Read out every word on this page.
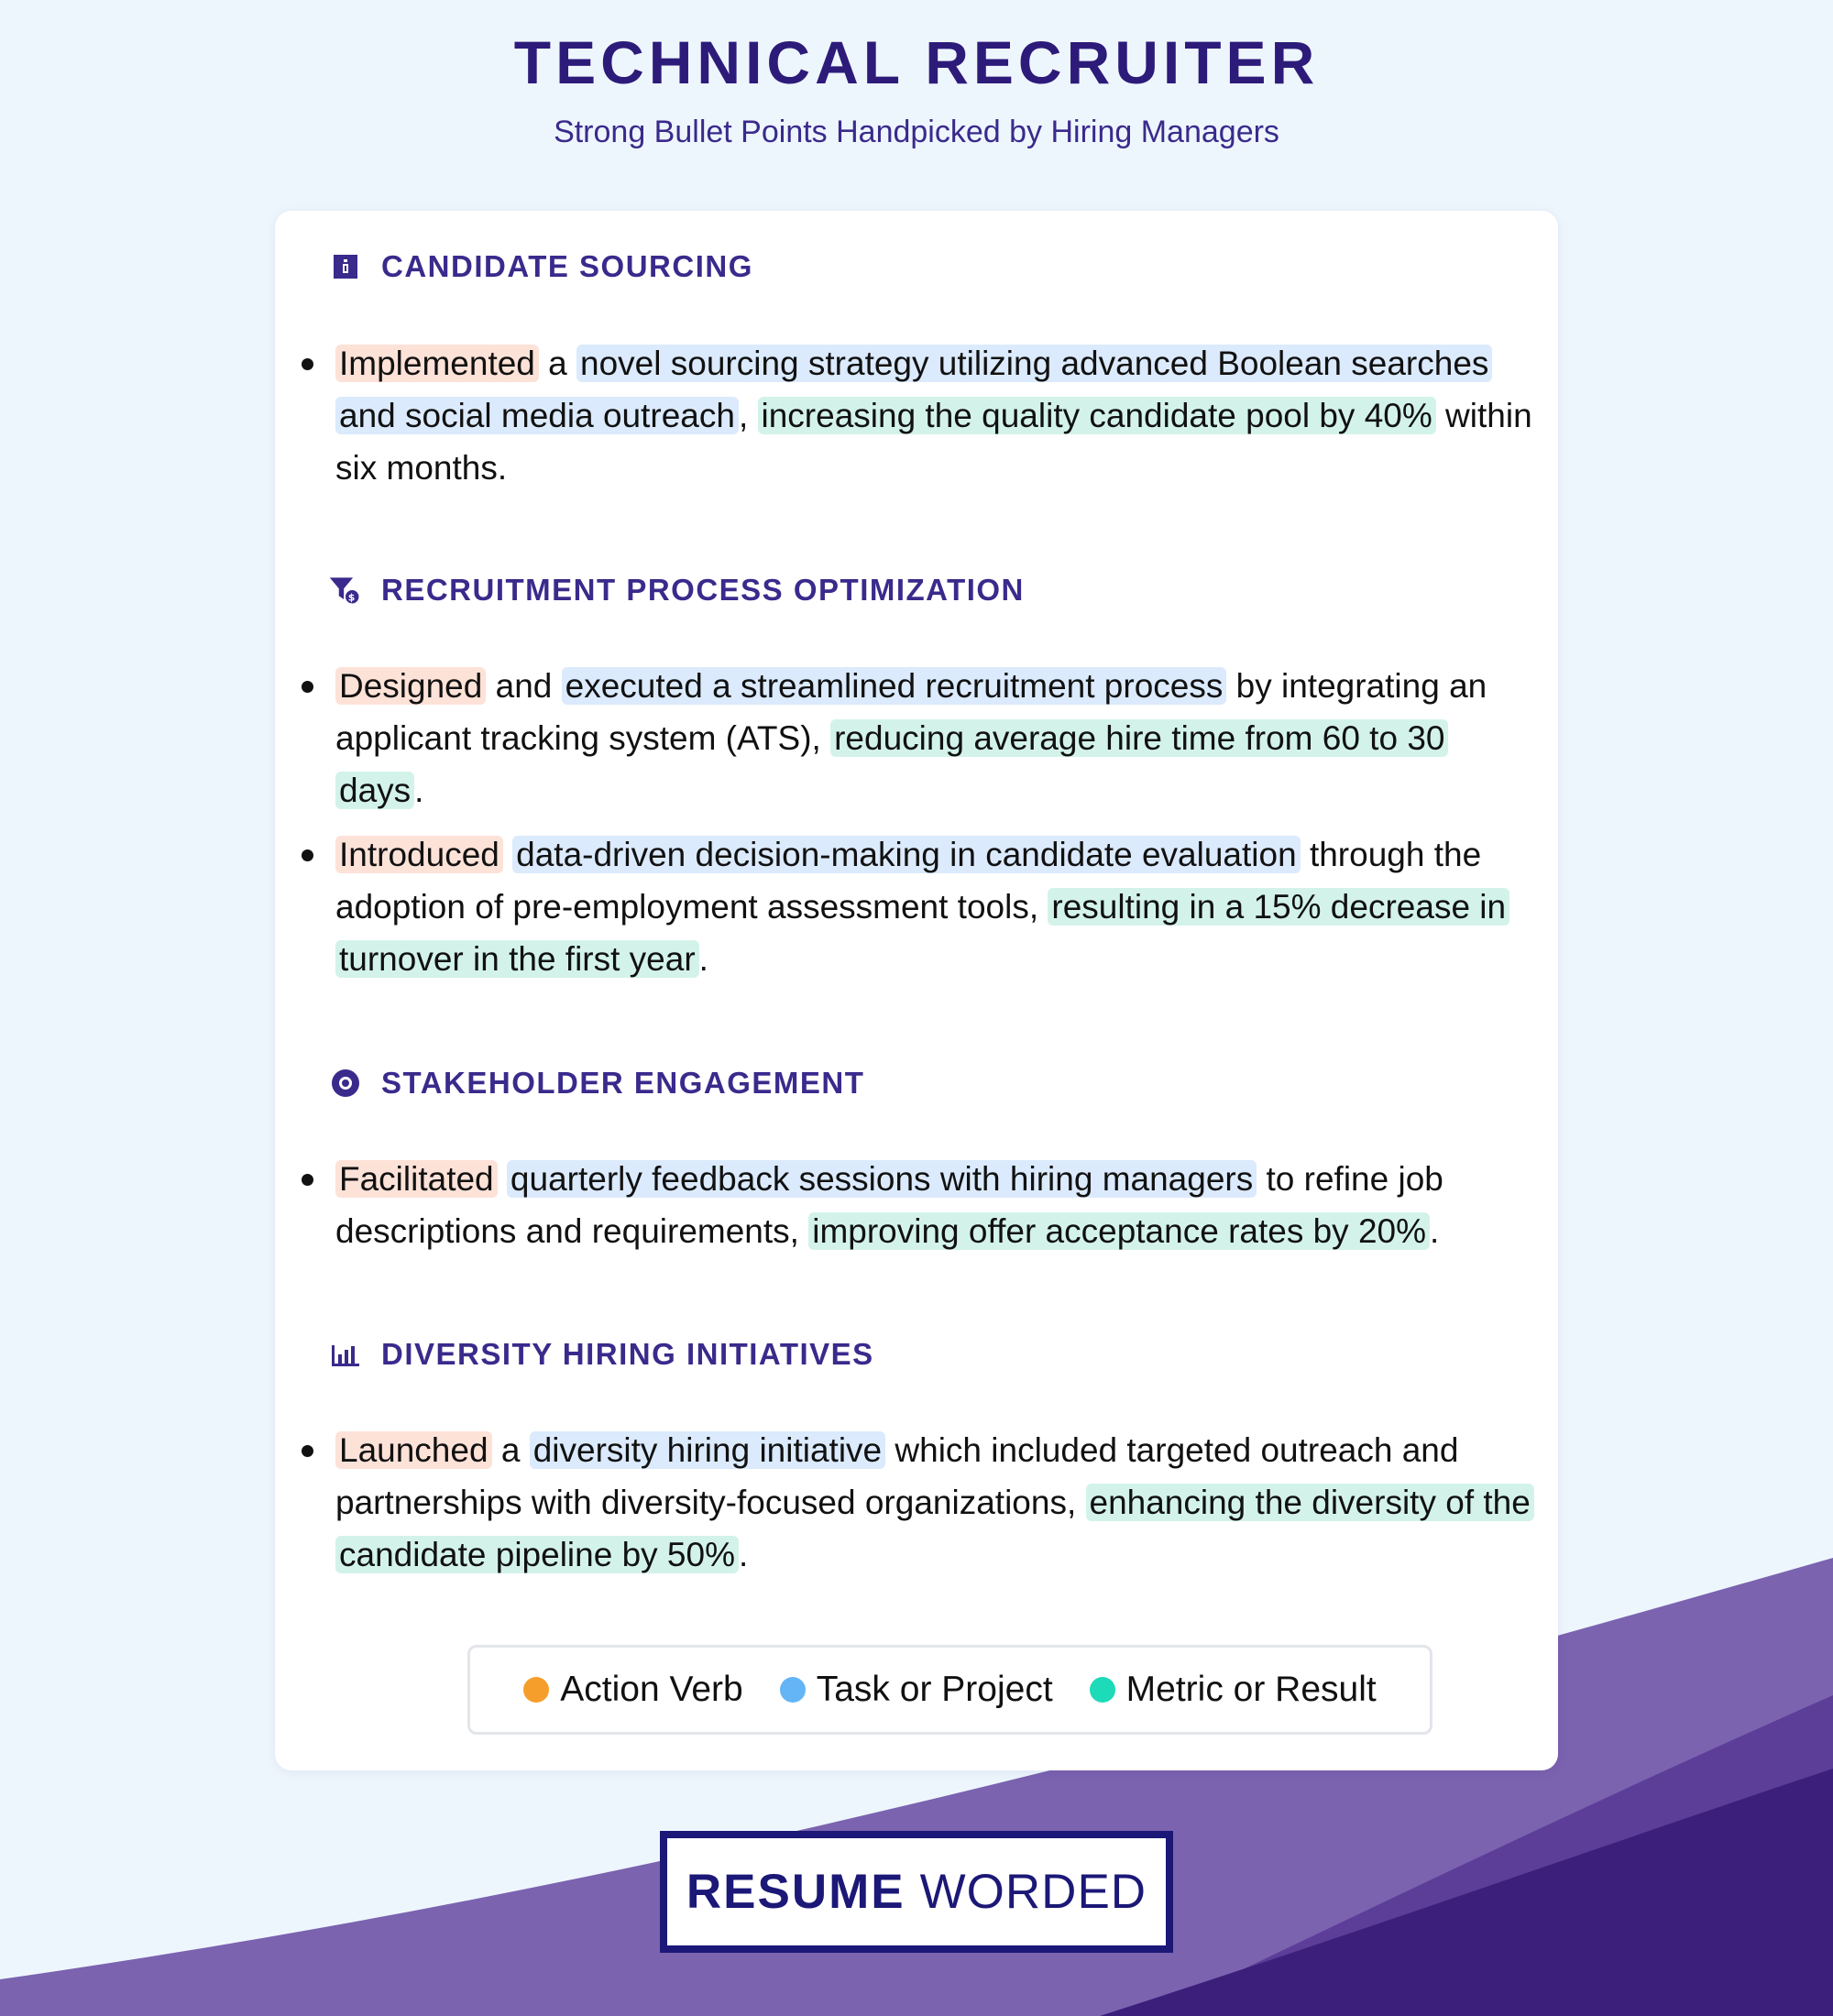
TECHNICAL RECRUITER
Strong Bullet Points Handpicked by Hiring Managers
CANDIDATE SOURCING
Implemented a novel sourcing strategy utilizing advanced Boolean searches and social media outreach , increasing the quality candidate pool by 40% within six months.
$ RECRUITMENT PROCESS OPTIMIZATION
Designed and executed a streamlined recruitment process by integrating an applicant tracking system (ATS), reducing average hire time from 60 to 30 days .
Introduced data-driven decision-making in candidate evaluation through the adoption of pre-employment assessment tools, resulting in a 15% decrease in turnover in the first year .
STAKEHOLDER ENGAGEMENT
Facilitated quarterly feedback sessions with hiring managers to refine job descriptions and requirements, improving offer acceptance rates by 20% .
DIVERSITY HIRING INITIATIVES
Launched a diversity hiring initiative which included targeted outreach and partnerships with diversity-focused organizations, enhancing the diversity of the candidate pipeline by 50% .
Action Verb Task or Project Metric or Result
RESUME WORDED
